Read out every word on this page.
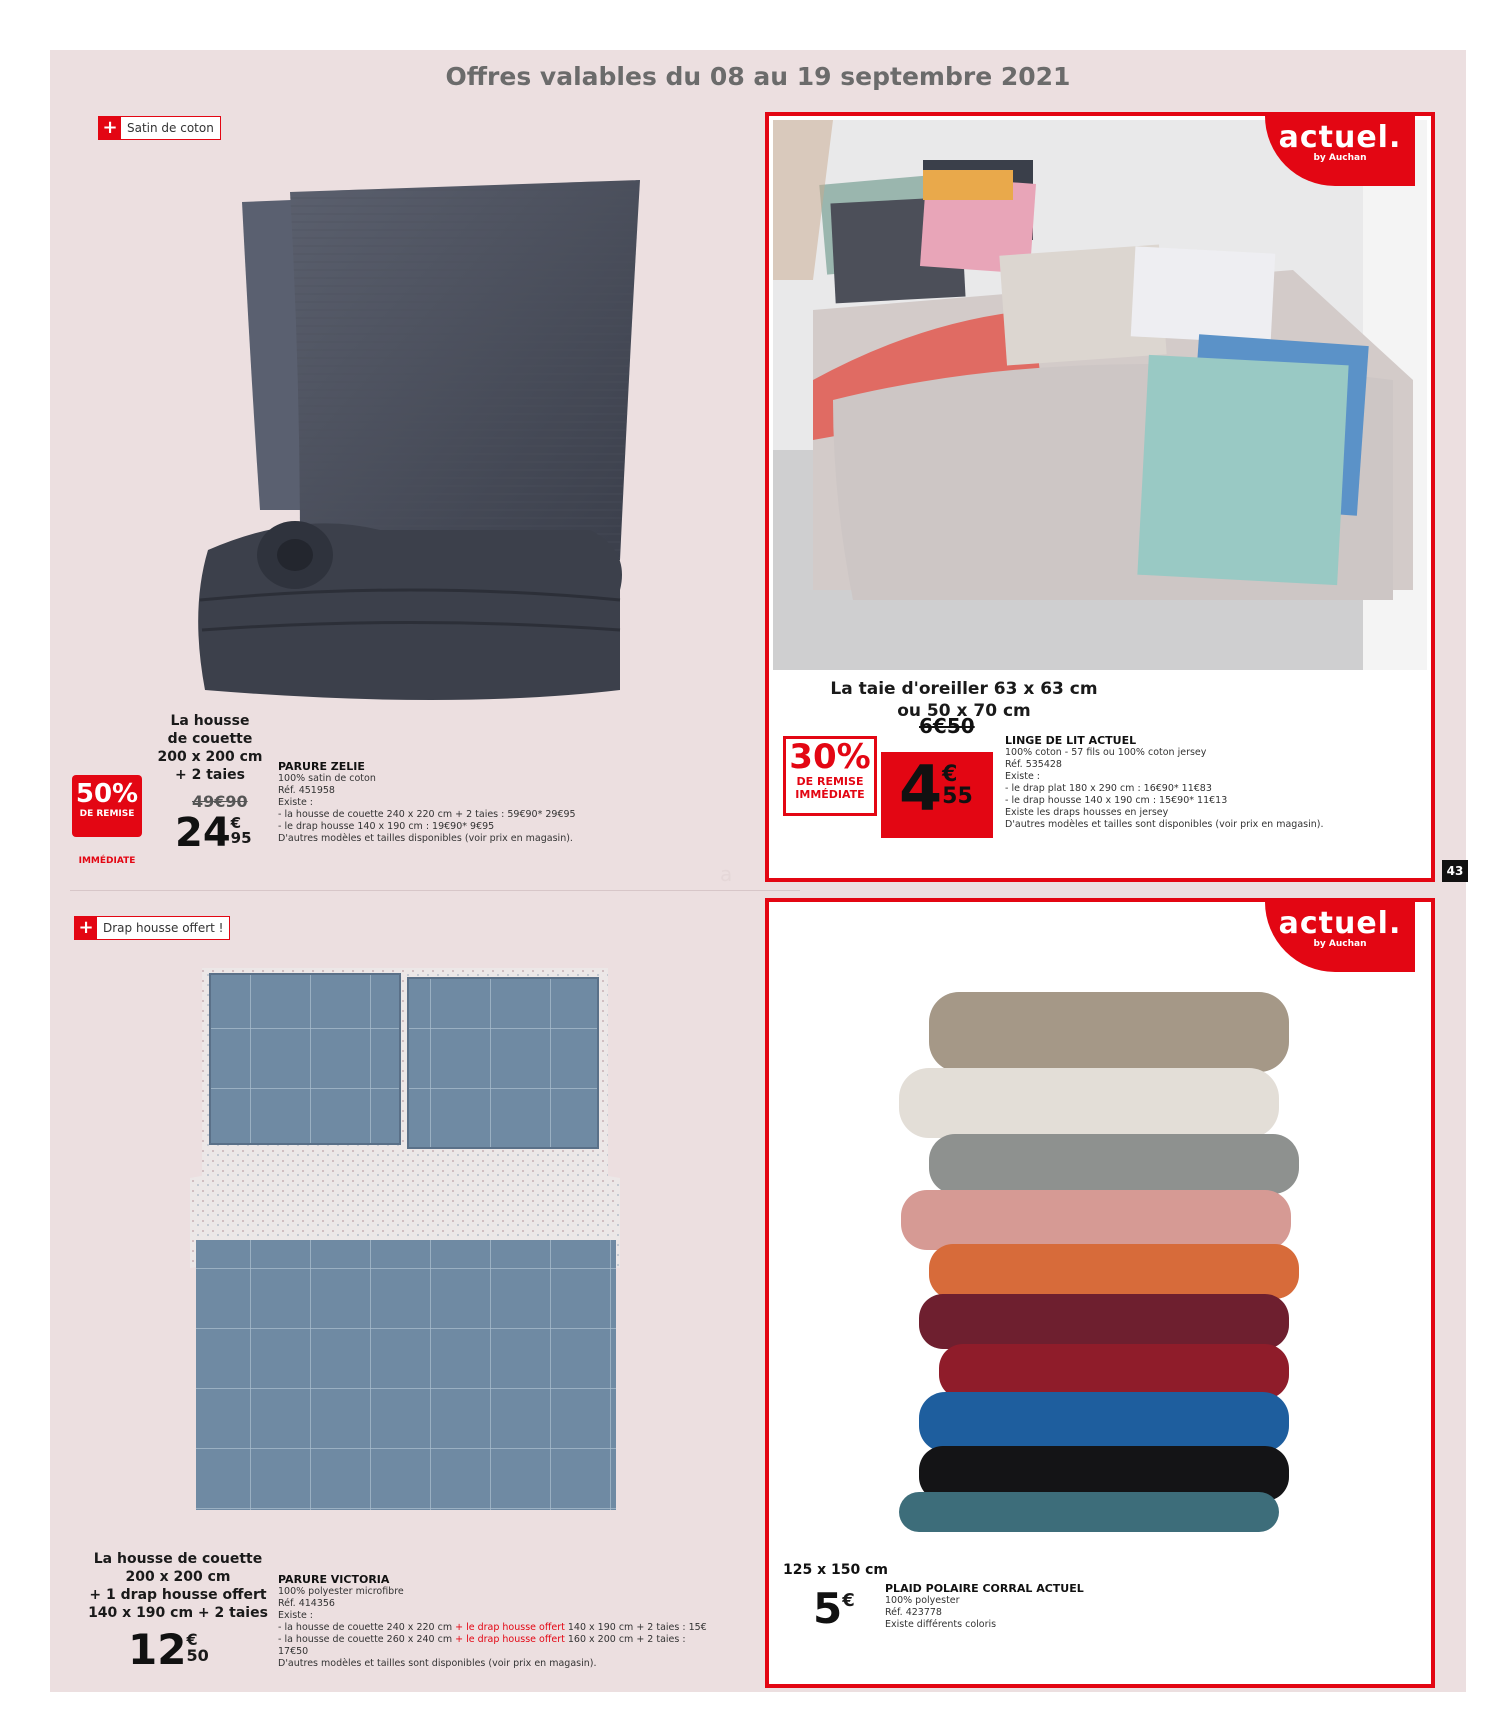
Offres valables du 08 au 19 septembre 2021
43
+ Satin de coton
La housse
de couette
200 x 200 cm
+ 2 taies
50%
DE REMISE
IMMÉDIATE
49€90
24 €
95
PARURE ZELIE
100% satin de coton
Réf. 451958
Existe :
- la housse de couette 240 x 220 cm + 2 taies : 59€90* 29€95
- le drap housse 140 x 190 cm : 19€90* 9€95
D'autres modèles et tailles disponibles (voir prix en magasin).
actuel.
by Auchan
La taie d'oreiller 63 x 63 cm
ou 50 x 70 cm
30%
DE REMISE
IMMÉDIATE
6€50
4 €
55
LINGE DE LIT ACTUEL
100% coton - 57 fils ou 100% coton jersey
Réf. 535428
Existe :
- le drap plat 180 x 290 cm : 16€90* 11€83
- le drap housse 140 x 190 cm : 15€90* 11€13
Existe les draps housses en jersey
D'autres modèles et tailles sont disponibles (voir prix en magasin).
+ Drap housse offert !
La housse de couette
200 x 200 cm
+ 1 drap housse offert
140 x 190 cm + 2 taies
12 €
50
PARURE VICTORIA
100% polyester microfibre
Réf. 414356
Existe :
- la housse de couette 240 x 220 cm + le drap housse offert 140 x 190 cm + 2 taies : 15€
- la housse de couette 260 x 240 cm + le drap housse offert 160 x 200 cm + 2 taies : 17€50
D'autres modèles et tailles sont disponibles (voir prix en magasin).
actuel.
by Auchan
125 x 150 cm
5 €
PLAID POLAIRE CORRAL ACTUEL
100% polyester
Réf. 423778
Existe différents coloris
a
